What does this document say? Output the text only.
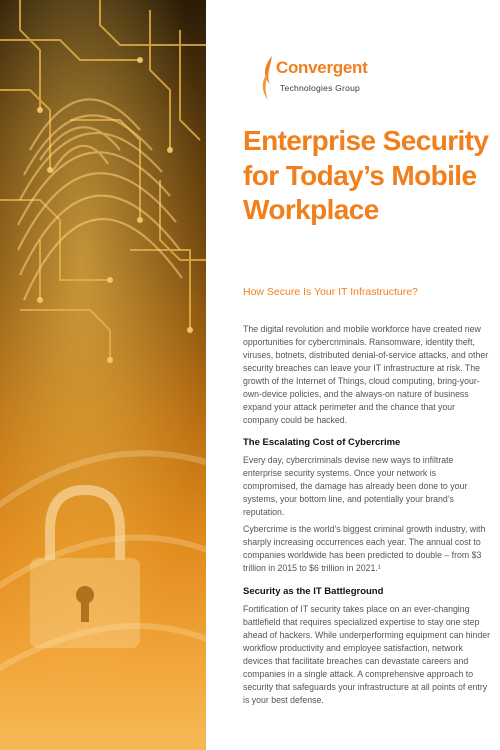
Convergent
Technologies Group
Enterprise Security for Today’s Mobile Workplace

How Secure Is Your IT Infrastructure?

The digital revolution and mobile workforce have created new opportunities for cybercriminals. Ransomware, identity theft, viruses, botnets, distributed denial-of-service attacks, and other security breaches can leave your IT infrastructure at risk. The growth of the Internet of Things, cloud computing, bring-your-own-device policies, and the always-on nature of business expand your attack perimeter and the chance that your company could be hacked.

The Escalating Cost of Cybercrime

Every day, cybercriminals devise new ways to infiltrate enterprise security systems. Once your network is compromised, the damage has already been done to your systems, your bottom line, and potentially your brand’s reputation.

Cybercrime is the world’s biggest criminal growth industry, with sharply increasing occurrences each year. The annual cost to companies worldwide has been predicted to double – from $3 trillion in 2015 to $6 trillion in 2021.¹

Security as the IT Battleground

Fortification of IT security takes place on an ever-changing battlefield that requires specialized expertise to stay one step ahead of hackers. While underperforming equipment can hinder workflow productivity and employee satisfaction, network devices that facilitate breaches can devastate careers and companies in a single attack. A comprehensive approach to security that safeguards your infrastructure at all points of entry is your best defense.
